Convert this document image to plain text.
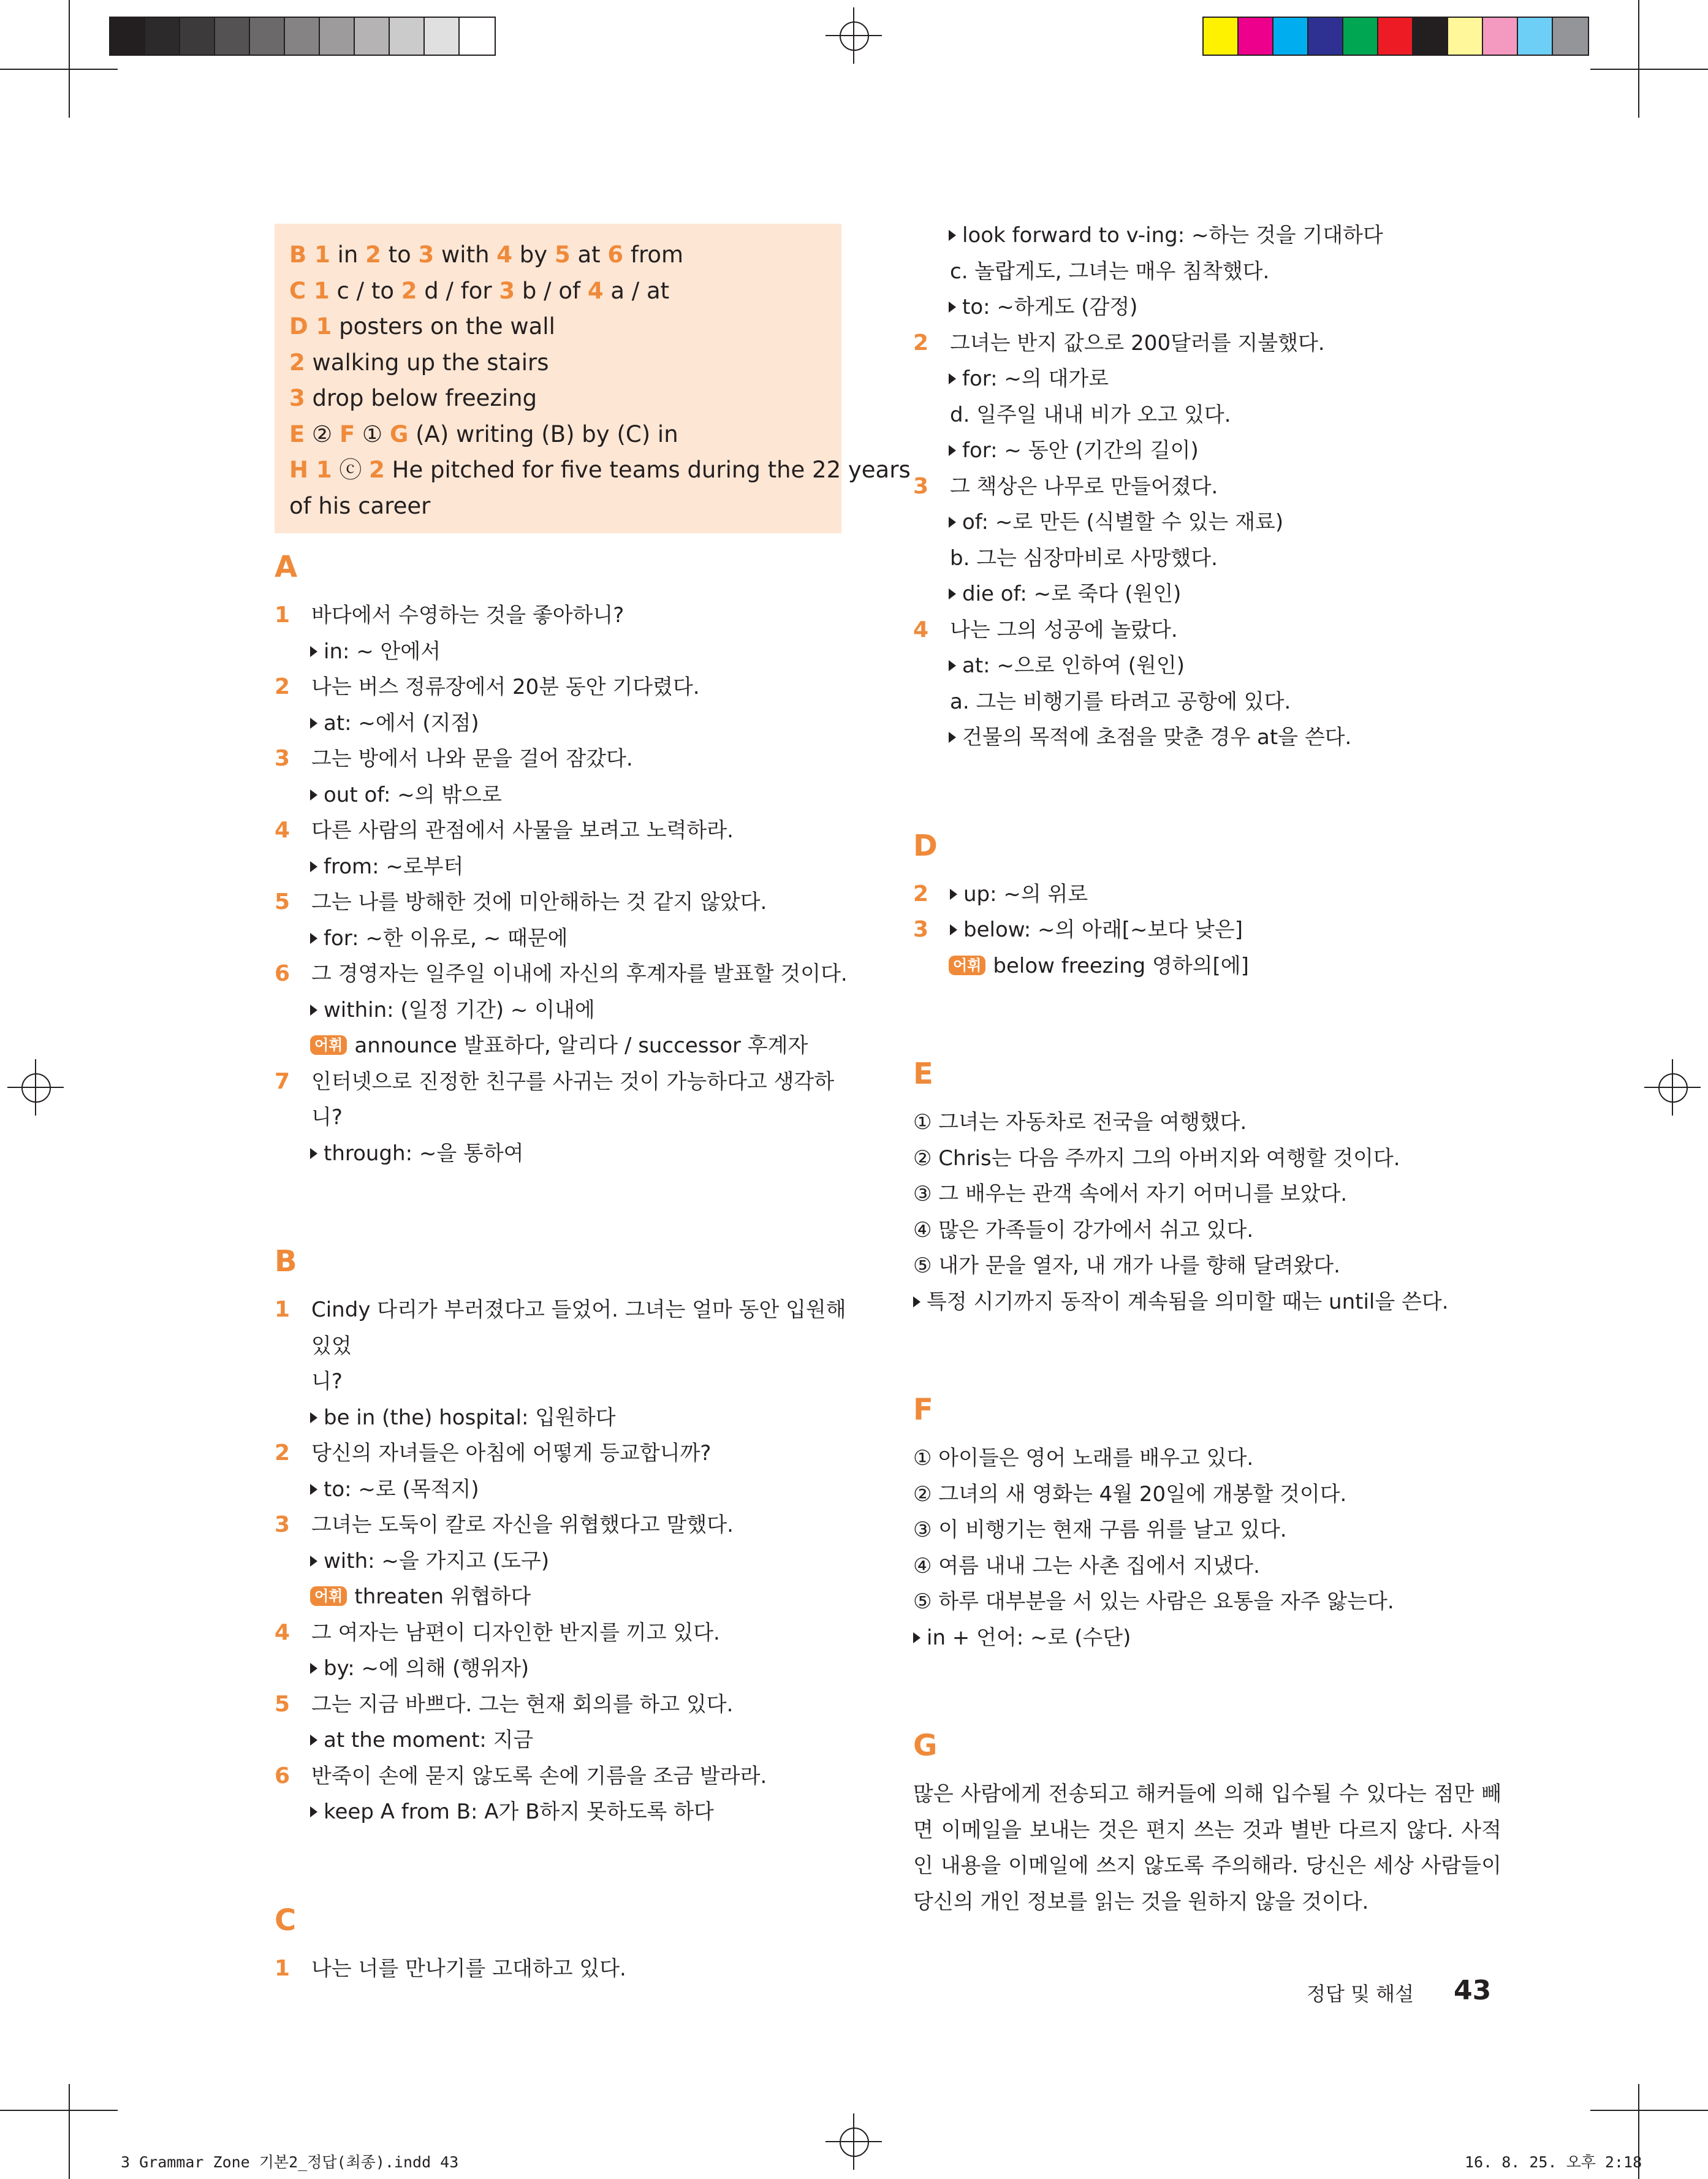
B 1 in 2 to 3 with 4 by 5 at 6 from
C 1 c / to 2 d / for 3 b / of 4 a / at
D 1 posters on the wall
2 walking up the stairs
3 drop below freezing
E ② F ① G (A) writing (B) by (C) in
H 1 ⓒ 2 He pitched for five teams during the 22 years
of his career
A
1 바다에서 수영하는 것을 좋아하니?
in: ~ 안에서
2 나는 버스 정류장에서 20분 동안 기다렸다.
at: ~에서 (지점)
3 그는 방에서 나와 문을 걸어 잠갔다.
out of: ~의 밖으로
4 다른 사람의 관점에서 사물을 보려고 노력하라.
from: ~로부터
5 그는 나를 방해한 것에 미안해하는 것 같지 않았다.
for: ~한 이유로, ~ 때문에
6 그 경영자는 일주일 이내에 자신의 후계자를 발표할 것이다.
within: (일정 기간) ~ 이내에
어휘 announce 발표하다, 알리다 / successor 후계자
7 인터넷으로 진정한 친구를 사귀는 것이 가능하다고 생각하니?
through: ~을 통하여
B
1 Cindy 다리가 부러졌다고 들었어. 그녀는 얼마 동안 입원해 있었
니?
be in (the) hospital: 입원하다
2 당신의 자녀들은 아침에 어떻게 등교합니까?
to: ~로 (목적지)
3 그녀는 도둑이 칼로 자신을 위협했다고 말했다.
with: ~을 가지고 (도구)
어휘 threaten 위협하다
4 그 여자는 남편이 디자인한 반지를 끼고 있다.
by: ~에 의해 (행위자)
5 그는 지금 바쁘다. 그는 현재 회의를 하고 있다.
at the moment: 지금
6 반죽이 손에 묻지 않도록 손에 기름을 조금 발라라.
keep A from B: A가 B하지 못하도록 하다
C
1 나는 너를 만나기를 고대하고 있다.
look forward to v-ing: ~하는 것을 기대하다
c. 놀랍게도, 그녀는 매우 침착했다.
to: ~하게도 (감정)
2 그녀는 반지 값으로 200달러를 지불했다.
for: ~의 대가로
d. 일주일 내내 비가 오고 있다.
for: ~ 동안 (기간의 길이)
3 그 책상은 나무로 만들어졌다.
of: ~로 만든 (식별할 수 있는 재료)
b. 그는 심장마비로 사망했다.
die of: ~로 죽다 (원인)
4 나는 그의 성공에 놀랐다.
at: ~으로 인하여 (원인)
a. 그는 비행기를 타려고 공항에 있다.
건물의 목적에 초점을 맞춘 경우 at을 쓴다.
D
2 up: ~의 위로
3 below: ~의 아래[~보다 낮은]
어휘 below freezing 영하의[에]
E
① 그녀는 자동차로 전국을 여행했다.
② Chris는 다음 주까지 그의 아버지와 여행할 것이다.
③ 그 배우는 관객 속에서 자기 어머니를 보았다.
④ 많은 가족들이 강가에서 쉬고 있다.
⑤ 내가 문을 열자, 내 개가 나를 향해 달려왔다.
특정 시기까지 동작이 계속됨을 의미할 때는 until을 쓴다.
F
① 아이들은 영어 노래를 배우고 있다.
② 그녀의 새 영화는 4월 20일에 개봉할 것이다.
③ 이 비행기는 현재 구름 위를 날고 있다.
④ 여름 내내 그는 사촌 집에서 지냈다.
⑤ 하루 대부분을 서 있는 사람은 요통을 자주 앓는다.
in + 언어: ~로 (수단)
G
많은 사람에게 전송되고 해커들에 의해 입수될 수 있다는 점만 빼면 이메일을 보내는 것은 편지 쓰는 것과 별반 다르지 않다. 사적인 내용을 이메일에 쓰지 않도록 주의해라. 당신은 세상 사람들이 당신의 개인 정보를 읽는 것을 원하지 않을 것이다.
정답 및 해설 43
3 Grammar Zone 기본2_정답(최종).indd 43	16. 8. 25. 오후 2:18
